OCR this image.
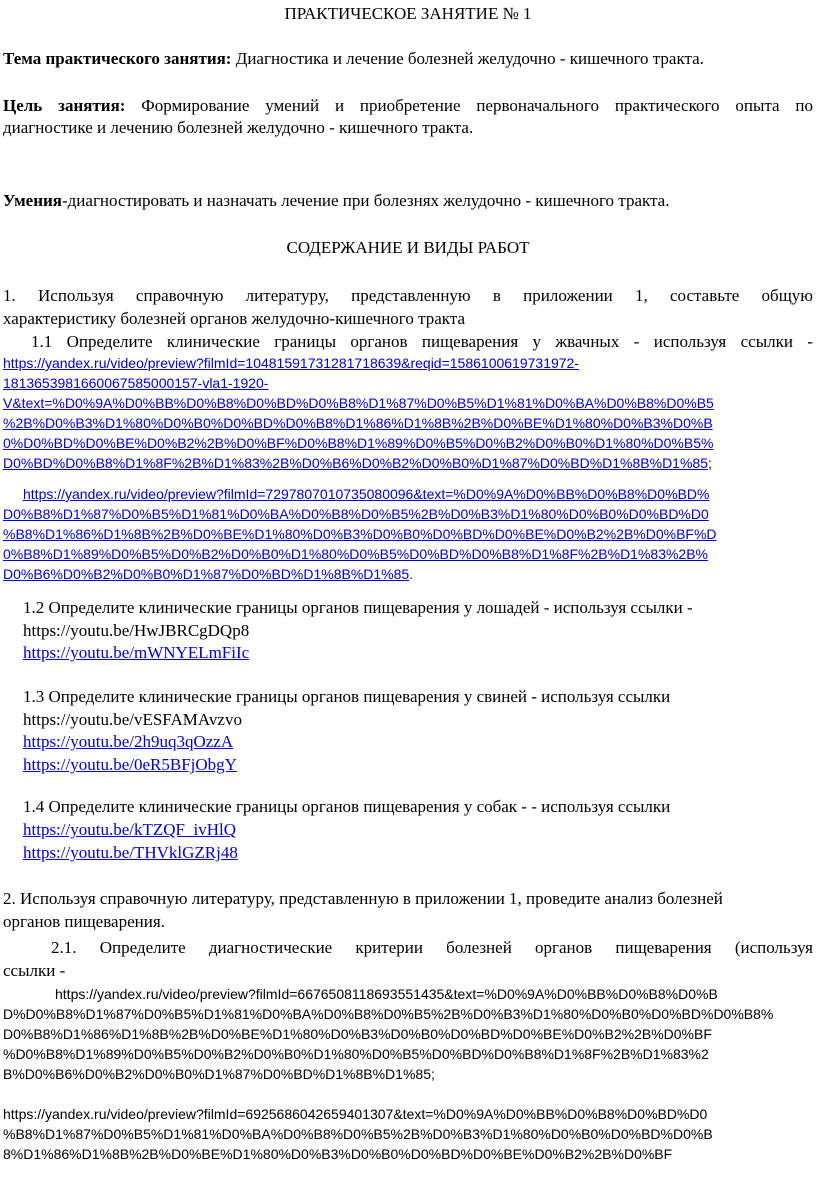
ПРАКТИЧЕСКОЕ ЗАНЯТИЕ № 1
Тема практического занятия: Диагностика и лечение болезней желудочно - кишечного тракта.
Цель занятия: Формирование умений и приобретение первоначального практического опыта по
диагностике и лечению болезней желудочно - кишечного тракта.
Умения-диагностировать и назначать лечение при болезнях желудочно - кишечного тракта.
СОДЕРЖАНИЕ И ВИДЫ РАБОТ
1. Используя справочную литературу, представленную в приложении 1, составьте общую
характеристику болезней органов желудочно-кишечного тракта
1.1 Определите клинические границы органов пищеварения у жвачных - используя ссылки -
https://yandex.ru/video/preview?filmId=10481591731281718639&reqid=1586100619731972-
1813653981660067585000157-vla1-1920-
V&text=%D0%9A%D0%BB%D0%B8%D0%BD%D0%B8%D1%87%D0%B5%D1%81%D0%BA%D0%B8%D0%B5
%2B%D0%B3%D1%80%D0%B0%D0%BD%D0%B8%D1%86%D1%8B%2B%D0%BE%D1%80%D0%B3%D0%B
0%D0%BD%D0%BE%D0%B2%2B%D0%BF%D0%B8%D1%89%D0%B5%D0%B2%D0%B0%D1%80%D0%B5%
D0%BD%D0%B8%D1%8F%2B%D1%83%2B%D0%B6%D0%B2%D0%B0%D1%87%D0%BD%D1%8B%D1%85;
https://yandex.ru/video/preview?filmId=7297807010735080096&text=%D0%9A%D0%BB%D0%B8%D0%BD%
D0%B8%D1%87%D0%B5%D1%81%D0%BA%D0%B8%D0%B5%2B%D0%B3%D1%80%D0%B0%D0%BD%D0
%B8%D1%86%D1%8B%2B%D0%BE%D1%80%D0%B3%D0%B0%D0%BD%D0%BE%D0%B2%2B%D0%BF%D
0%B8%D1%89%D0%B5%D0%B2%D0%B0%D1%80%D0%B5%D0%BD%D0%B8%D1%8F%2B%D1%83%2B%
D0%B6%D0%B2%D0%B0%D1%87%D0%BD%D1%8B%D1%85.
1.2 Определите клинические границы органов пищеварения у лошадей - используя ссылки -
https://youtu.be/HwJBRCgDQp8
https://youtu.be/mWNYELmFiIc
1.3 Определите клинические границы органов пищеварения у свиней - используя ссылки
https://youtu.be/vESFAMAvzvo
https://youtu.be/2h9uq3qOzzA
https://youtu.be/0eR5BFjObgY
1.4 Определите клинические границы органов пищеварения у собак - - используя ссылки
https://youtu.be/kTZQF_ivHlQ
https://youtu.be/THVklGZRj48
2. Используя справочную литературу, представленную в приложении 1, проведите анализ болезней
органов пищеварения.
2.1. Определите диагностические критерии болезней органов пищеварения (используя
ссылки -
https://yandex.ru/video/preview?filmId=6676508118693551435&text=%D0%9A%D0%BB%D0%B8%D0%B
D%D0%B8%D1%87%D0%B5%D1%81%D0%BA%D0%B8%D0%B5%2B%D0%B3%D1%80%D0%B0%D0%BD%D0%B8%
D0%B8%D1%86%D1%8B%2B%D0%BE%D1%80%D0%B3%D0%B0%D0%BD%D0%BE%D0%B2%2B%D0%BF
%D0%B8%D1%89%D0%B5%D0%B2%D0%B0%D1%80%D0%B5%D0%BD%D0%B8%D1%8F%2B%D1%83%2
B%D0%B6%D0%B2%D0%B0%D1%87%D0%BD%D1%8B%D1%85;
https://yandex.ru/video/preview?filmId=6925686042659401307&text=%D0%9A%D0%BB%D0%B8%D0%BD%D0
%B8%D1%87%D0%B5%D1%81%D0%BA%D0%B8%D0%B5%2B%D0%B3%D1%80%D0%B0%D0%BD%D0%B
8%D1%86%D1%8B%2B%D0%BE%D1%80%D0%B3%D0%B0%D0%BD%D0%BE%D0%B2%2B%D0%BF
